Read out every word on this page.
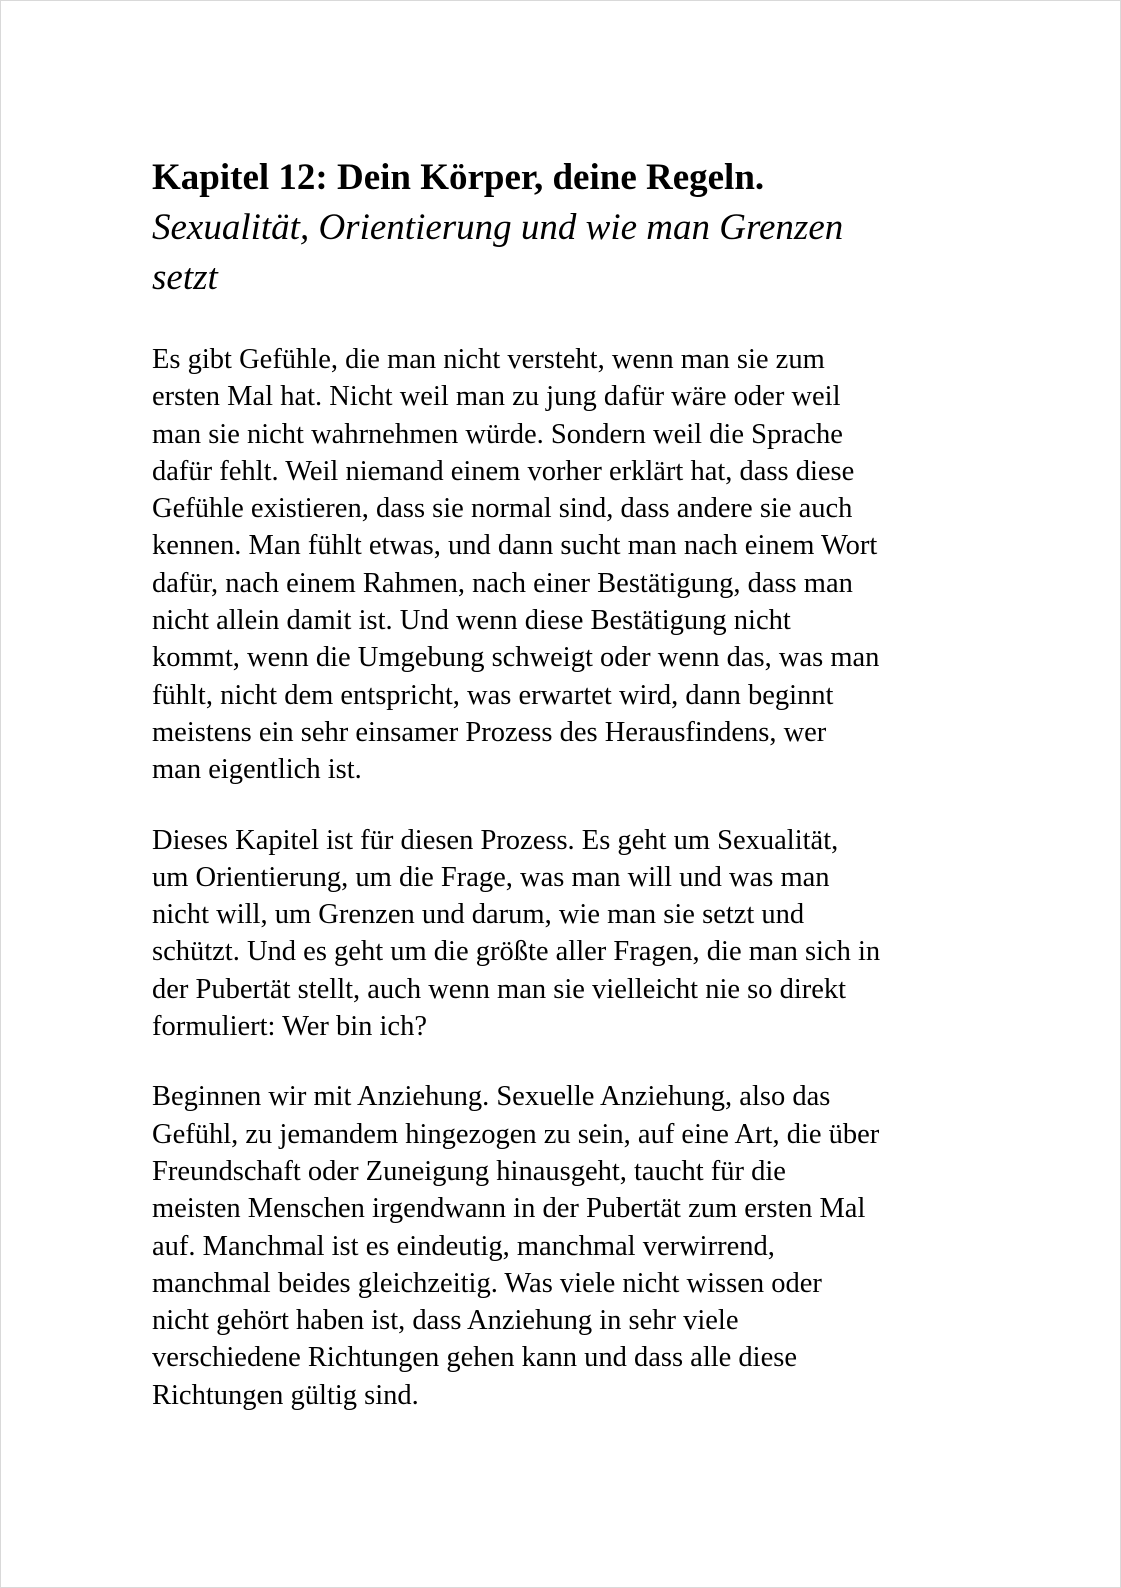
Kapitel 12: Dein Körper, deine Regeln.
Sexualität, Orientierung und wie man Grenzen
setzt

Es gibt Gefühle, die man nicht versteht, wenn man sie zum
ersten Mal hat. Nicht weil man zu jung dafür wäre oder weil
man sie nicht wahrnehmen würde. Sondern weil die Sprache
dafür fehlt. Weil niemand einem vorher erklärt hat, dass diese
Gefühle existieren, dass sie normal sind, dass andere sie auch
kennen. Man fühlt etwas, und dann sucht man nach einem Wort
dafür, nach einem Rahmen, nach einer Bestätigung, dass man
nicht allein damit ist. Und wenn diese Bestätigung nicht
kommt, wenn die Umgebung schweigt oder wenn das, was man
fühlt, nicht dem entspricht, was erwartet wird, dann beginnt
meistens ein sehr einsamer Prozess des Herausfindens, wer
man eigentlich ist.

Dieses Kapitel ist für diesen Prozess. Es geht um Sexualität,
um Orientierung, um die Frage, was man will und was man
nicht will, um Grenzen und darum, wie man sie setzt und
schützt. Und es geht um die größte aller Fragen, die man sich in
der Pubertät stellt, auch wenn man sie vielleicht nie so direkt
formuliert: Wer bin ich?

Beginnen wir mit Anziehung. Sexuelle Anziehung, also das
Gefühl, zu jemandem hingezogen zu sein, auf eine Art, die über
Freundschaft oder Zuneigung hinausgeht, taucht für die
meisten Menschen irgendwann in der Pubertät zum ersten Mal
auf. Manchmal ist es eindeutig, manchmal verwirrend,
manchmal beides gleichzeitig. Was viele nicht wissen oder
nicht gehört haben ist, dass Anziehung in sehr viele
verschiedene Richtungen gehen kann und dass alle diese
Richtungen gültig sind.
